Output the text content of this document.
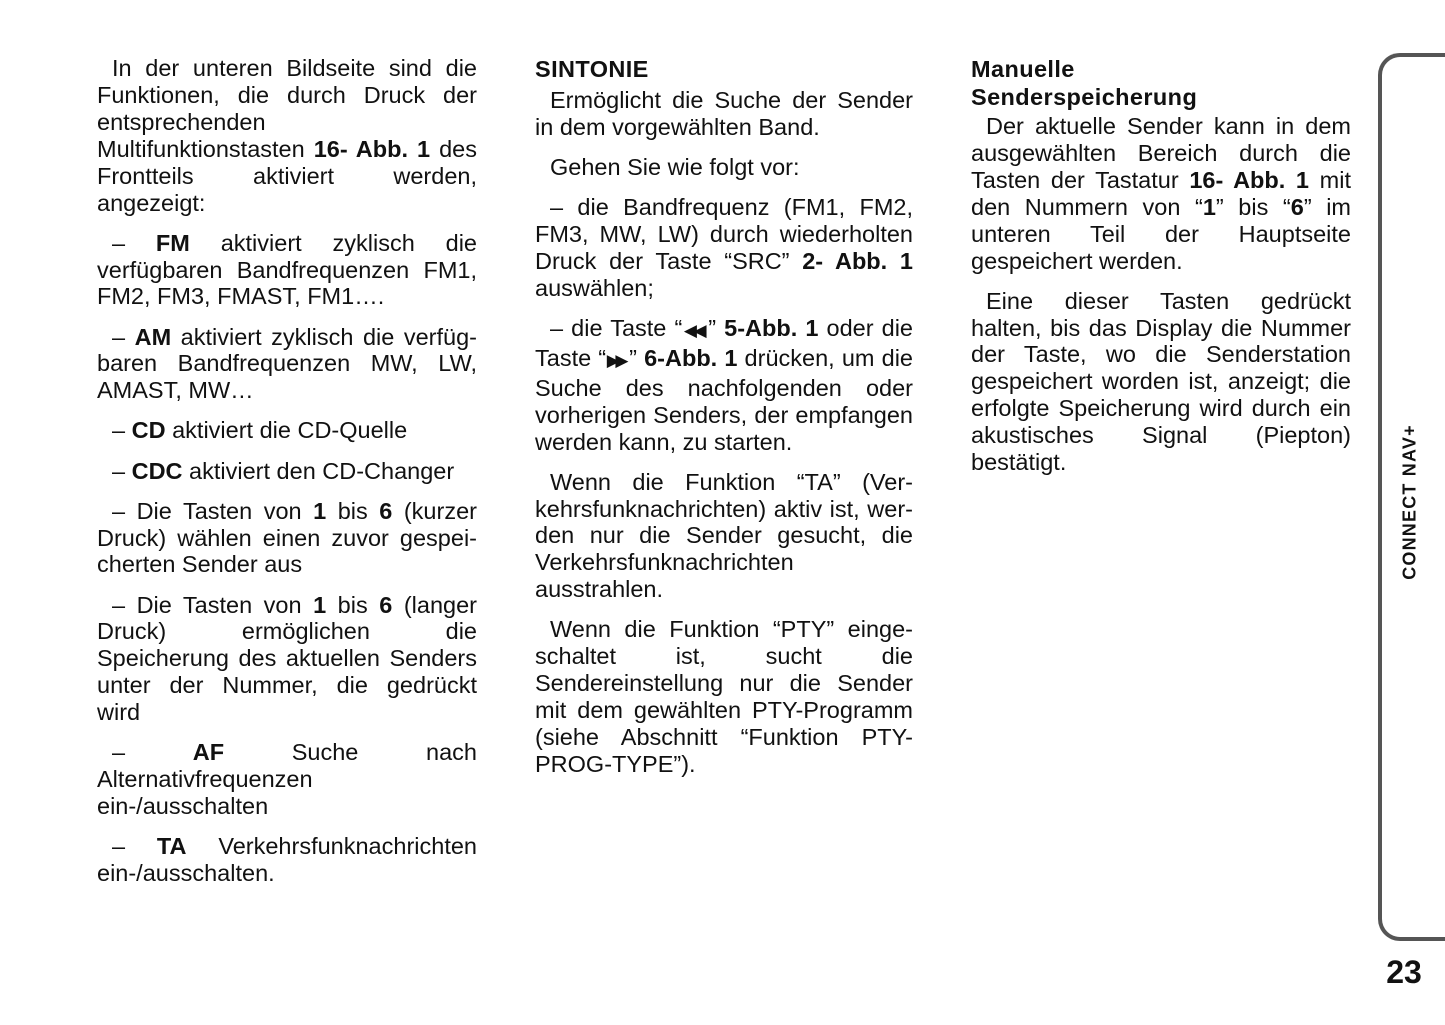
In der unteren Bildseite sind die Funktionen, die durch Druck der entsprechenden Multifunktionstasten 16- Abb. 1 des Frontteils aktiviert werden, angezeigt:

– FM aktiviert zyklisch die verfügbaren Bandfrequenzen FM1, FM2, FM3, FMAST, FM1….

– AM aktiviert zyklisch die verfügbaren Bandfrequenzen MW, LW, AMAST, MW…

– CD aktiviert die CD-Quelle

– CDC aktiviert den CD-Changer

– Die Tasten von 1 bis 6 (kurzer Druck) wählen einen zuvor gespeicherten Sender aus

– Die Tasten von 1 bis 6 (langer Druck) ermöglichen die Speicherung des aktuellen Senders unter der Nummer, die gedrückt wird

– AF Suche nach Alternativfrequenzen ein-/ausschalten

– TA Verkehrsfunknachrichten ein-/ausschalten.

SINTONIE

Ermöglicht die Suche der Sender in dem vorgewählten Band.

Gehen Sie wie folgt vor:

– die Bandfrequenz (FM1, FM2, FM3, MW, LW) durch wiederholten Druck der Taste “SRC” 2- Abb. 1 auswählen;

– die Taste “◀◀ ” 5-Abb. 1 oder die Taste “▶▶ ” 6-Abb. 1 drücken, um die Suche des nachfolgenden oder vorherigen Senders, der empfangen werden kann, zu starten.

Wenn die Funktion “TA” (Verkehrsfunknachrichten) aktiv ist, werden nur die Sender gesucht, die Verkehrsfunknachrichten ausstrahlen.

Wenn die Funktion “PTY” eingeschaltet ist, sucht die Sendereinstellung nur die Sender mit dem gewählten PTY-Programm (siehe Abschnitt “Funktion PTY-PROG-TYPE”).

Manuelle
Senderspeicherung

Der aktuelle Sender kann in dem ausgewählten Bereich durch die Tasten der Tastatur 16- Abb. 1 mit den Nummern von “1” bis “6” im unteren Teil der Hauptseite gespeichert werden.

Eine dieser Tasten gedrückt halten, bis das Display die Nummer der Taste, wo die Senderstation gespeichert worden ist, anzeigt; die erfolgte Speicherung wird durch ein akustisches Signal (Piepton) bestätigt.	CONNECT NAV+
23
